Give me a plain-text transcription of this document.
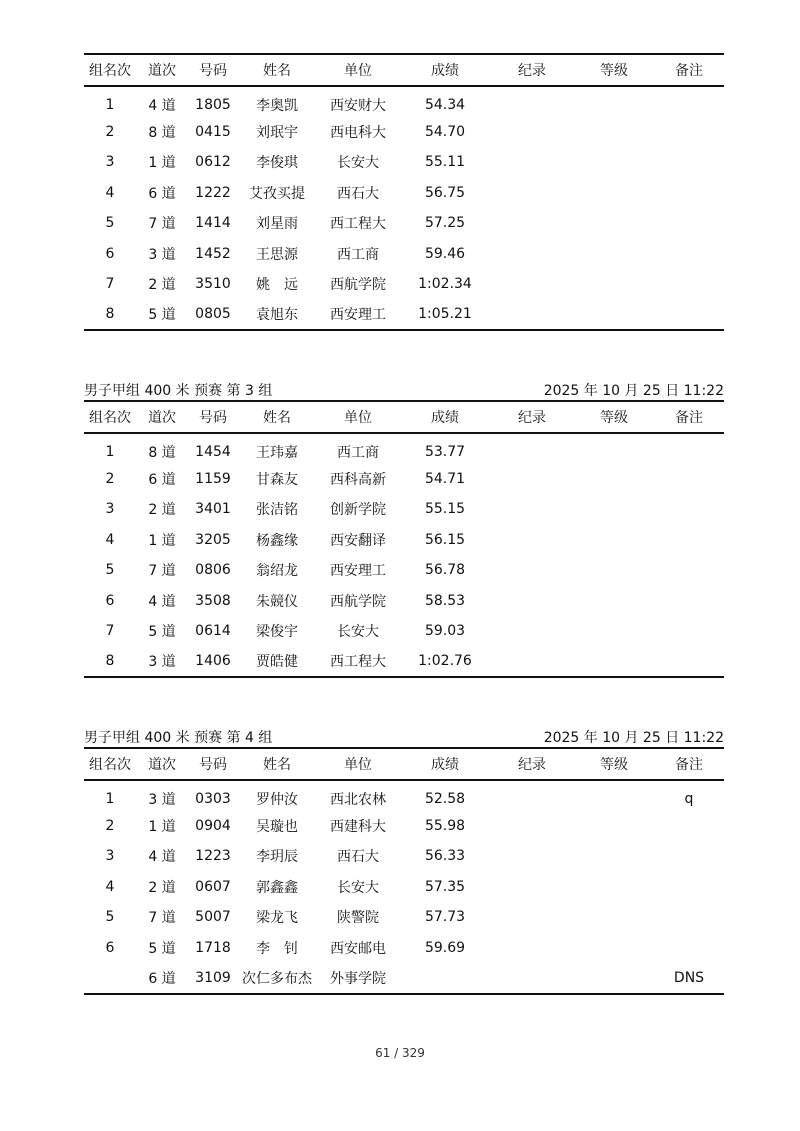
组名次	道次	号码	姓名	单位	成绩	纪录	等级	备注
1	4 道	1805	李奥凯	西安财大	54.34			
2	8 道	0415	刘珉宇	西电科大	54.70			
3	1 道	0612	李俊琪	长安大	55.11			
4	6 道	1222	艾孜买提	西石大	56.75			
5	7 道	1414	刘星雨	西工程大	57.25			
6	3 道	1452	王思源	西工商	59.46			
7	2 道	3510	姚　远	西航学院	1:02.34			
8	5 道	0805	袁旭东	西安理工	1:05.21			
男子甲组 400 米 预赛 第 3 组	2025 年 10 月 25 日 11:22
组名次	道次	号码	姓名	单位	成绩	纪录	等级	备注
1	8 道	1454	王玮嘉	西工商	53.77			
2	6 道	1159	甘森友	西科高新	54.71			
3	2 道	3401	张洁铭	创新学院	55.15			
4	1 道	3205	杨鑫缘	西安翻译	56.15			
5	7 道	0806	翁绍龙	西安理工	56.78			
6	4 道	3508	朱競仪	西航学院	58.53			
7	5 道	0614	梁俊宇	长安大	59.03			
8	3 道	1406	贾皓健	西工程大	1:02.76			
男子甲组 400 米 预赛 第 4 组	2025 年 10 月 25 日 11:22
组名次	道次	号码	姓名	单位	成绩	纪录	等级	备注
1	3 道	0303	罗仲汝	西北农林	52.58			q
2	1 道	0904	吴璇也	西建科大	55.98			
3	4 道	1223	李玥辰	西石大	56.33			
4	2 道	0607	郭鑫鑫	长安大	57.35			
5	7 道	5007	梁龙飞	陕警院	57.73			
6	5 道	1718	李　钊	西安邮电	59.69			
	6 道	3109	次仁多布杰	外事学院				DNS
61 / 329
